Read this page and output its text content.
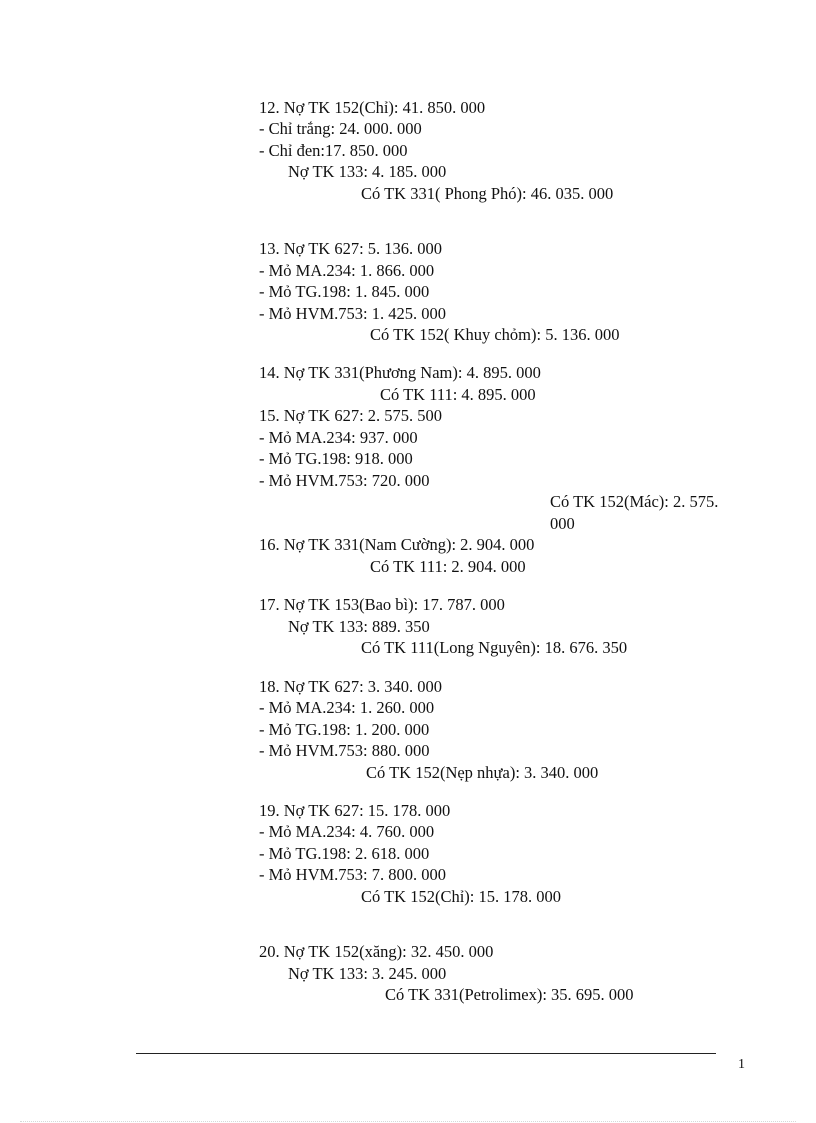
12. Nợ TK 152(Chỉ): 41. 850. 000
- Chỉ trắng: 24. 000. 000
- Chỉ đen:17. 850. 000
Nợ TK 133: 4. 185. 000
Có TK 331( Phong Phó): 46. 035. 000
13. Nợ TK 627: 5. 136. 000
- Mỏ MA.234: 1. 866. 000
- Mỏ TG.198: 1. 845. 000
- Mỏ HVM.753: 1. 425. 000
Có TK 152( Khuy chỏm): 5. 136. 000
14. Nợ TK 331(Phương Nam): 4. 895. 000
Có TK 111: 4. 895. 000
15. Nợ TK 627: 2. 575. 500
- Mỏ MA.234: 937. 000
- Mỏ TG.198: 918. 000
- Mỏ HVM.753: 720. 000
Có TK 152(Mác): 2. 575.
000
16. Nợ TK 331(Nam Cường): 2. 904. 000
Có TK 111: 2. 904. 000
17. Nợ TK 153(Bao bì): 17. 787. 000
Nợ TK 133: 889. 350
Có TK 111(Long Nguyên): 18. 676. 350
18. Nợ TK 627: 3. 340. 000
- Mỏ MA.234: 1. 260. 000
- Mỏ TG.198: 1. 200. 000
- Mỏ HVM.753: 880. 000
Có TK 152(Nẹp nhựa): 3. 340. 000
19. Nợ TK 627: 15. 178. 000
- Mỏ MA.234: 4. 760. 000
- Mỏ TG.198: 2. 618. 000
- Mỏ HVM.753: 7. 800. 000
Có TK 152(Chỉ): 15. 178. 000
20. Nợ TK 152(xăng): 32. 450. 000
Nợ TK 133: 3. 245. 000
Có TK 331(Petrolimex): 35. 695. 000
1
